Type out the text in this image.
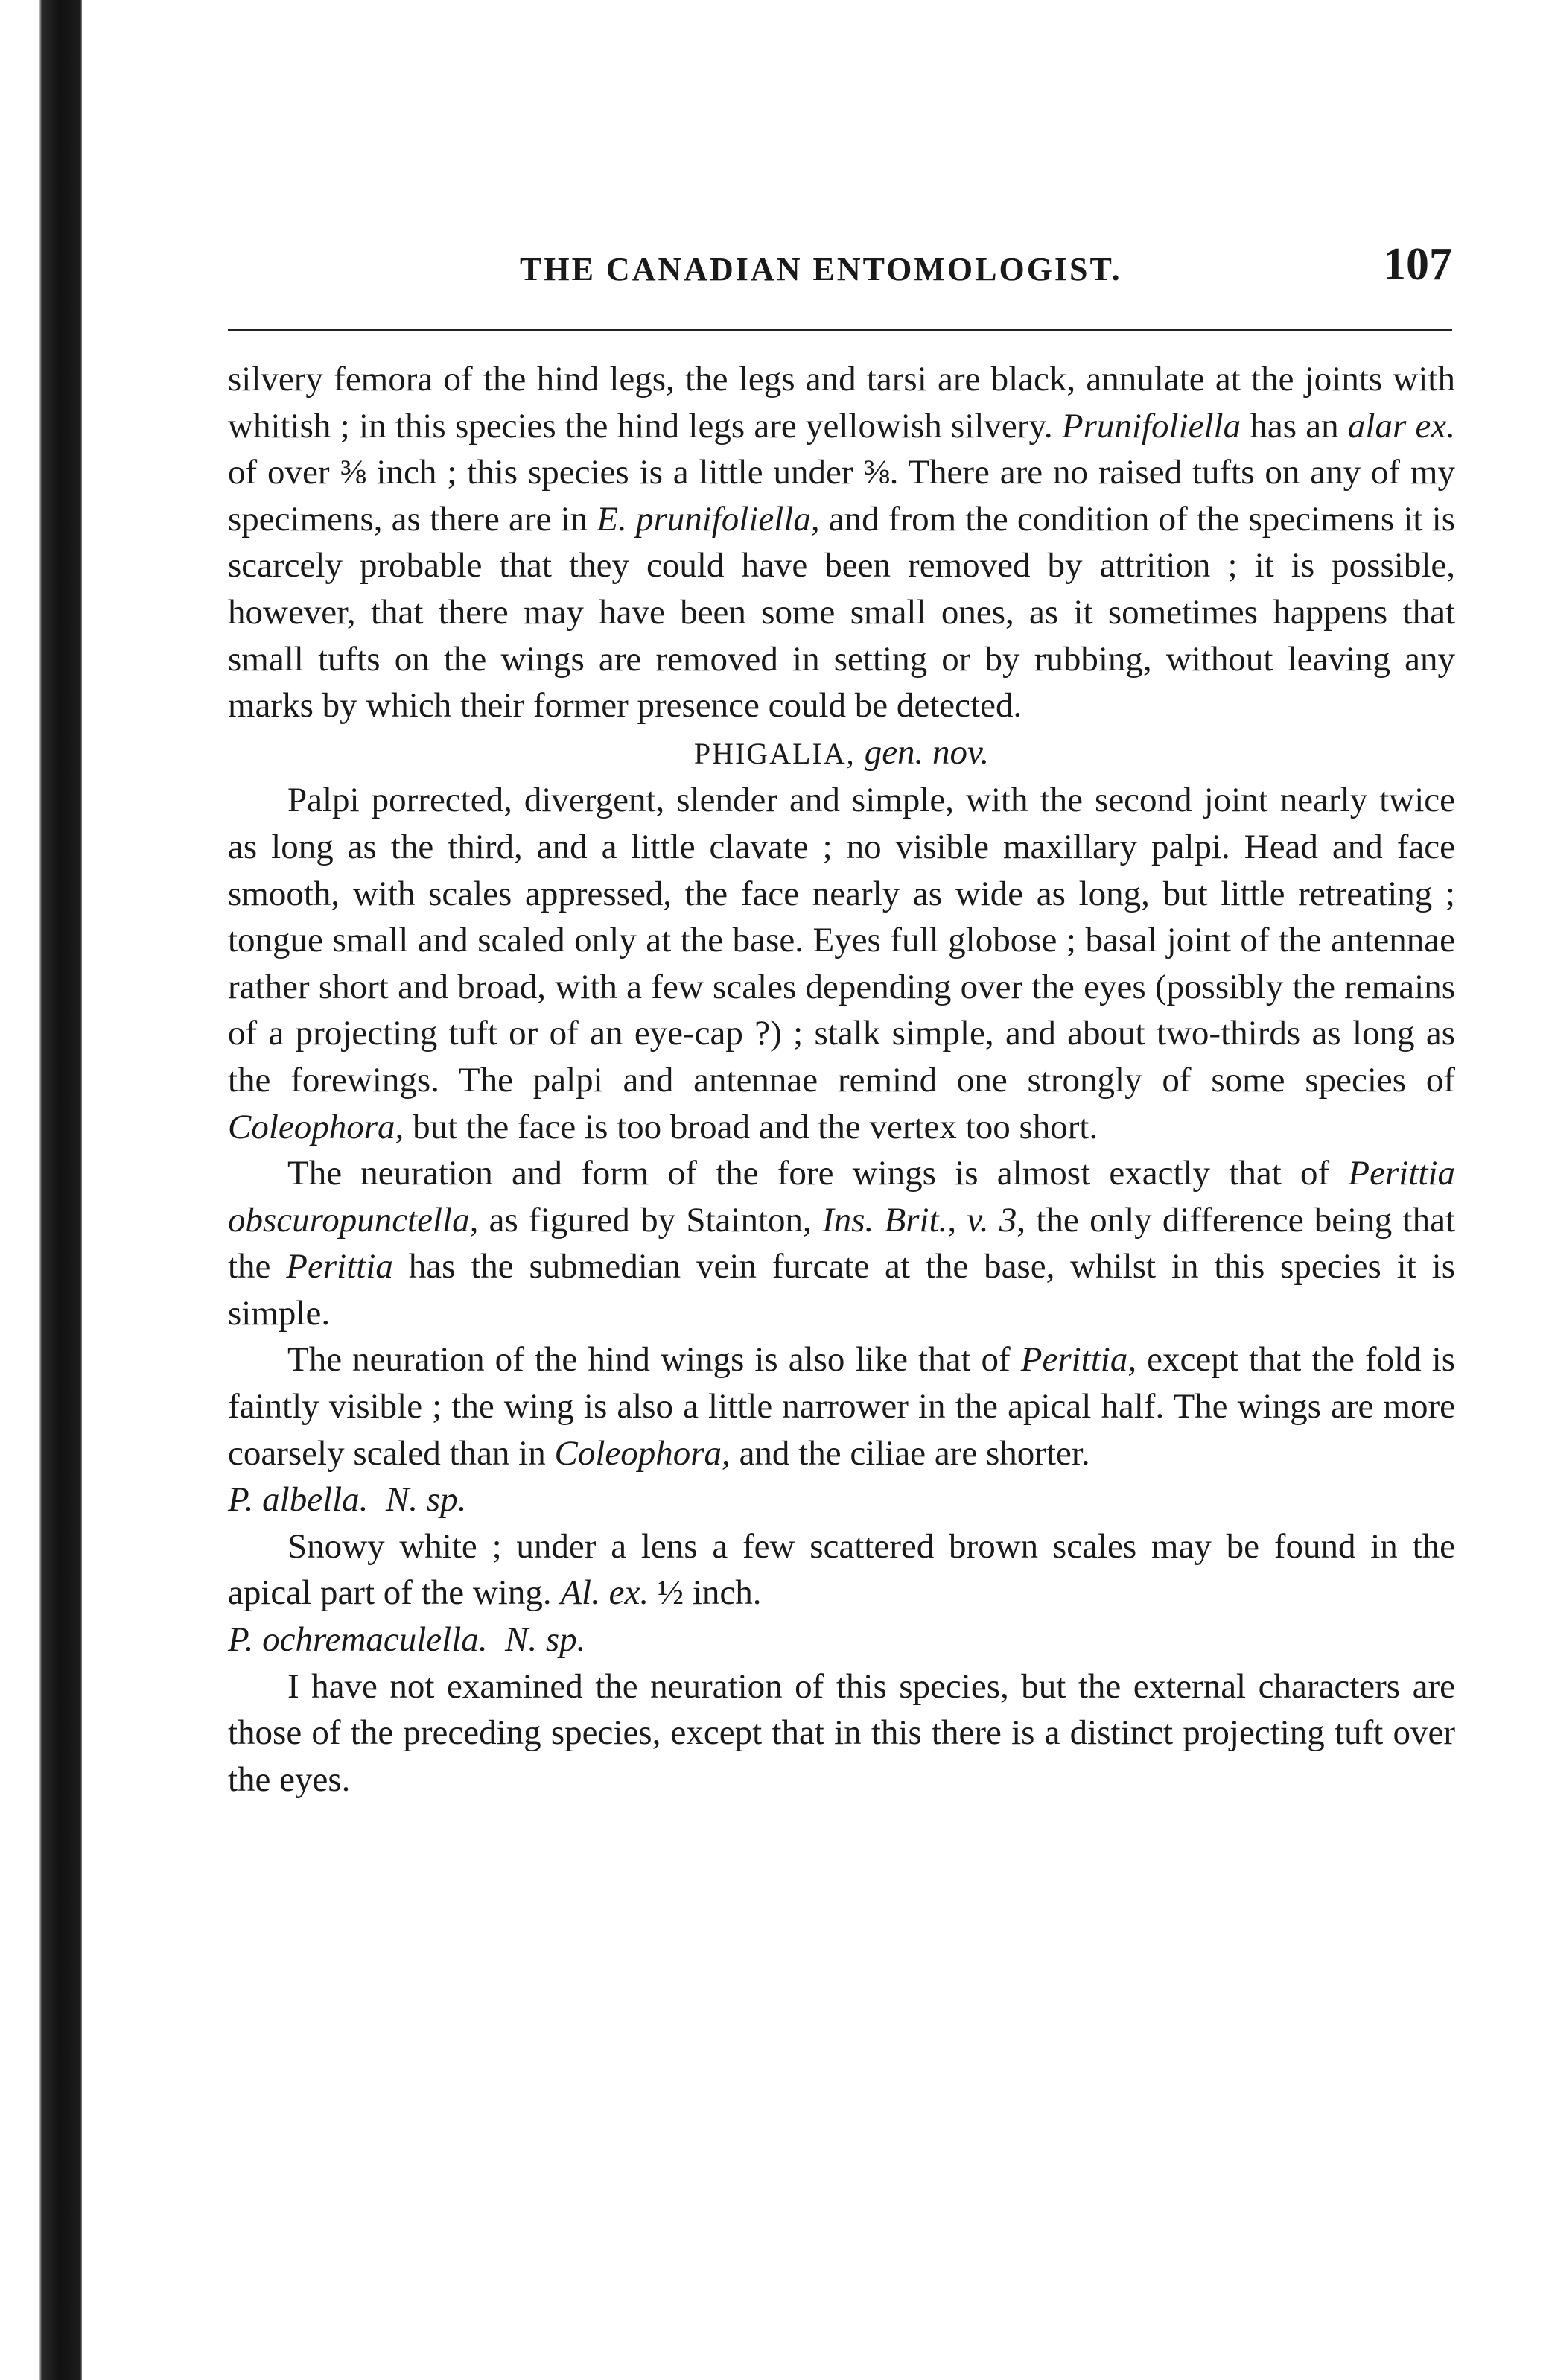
THE CANADIAN ENTOMOLOGIST.	107

silvery femora of the hind legs, the legs and tarsi are black, annulate at the joints with whitish ; in this species the hind legs are yellowish silvery. Prunifoliella has an alar ex. of over ⅜ inch ; this species is a little under ⅜. There are no raised tufts on any of my specimens, as there are in E. prunifoliella, and from the condition of the specimens it is scarcely probable that they could have been removed by attrition ; it is possible, however, that there may have been some small ones, as it sometimes happens that small tufts on the wings are removed in setting or by rubbing, without leaving any marks by which their former presence could be detected.

PHIGALIA, gen. nov.

Palpi porrected, divergent, slender and simple, with the second joint nearly twice as long as the third, and a little clavate ; no visible maxillary palpi. Head and face smooth, with scales appressed, the face nearly as wide as long, but little retreating ; tongue small and scaled only at the base. Eyes full globose ; basal joint of the antennae rather short and broad, with a few scales depending over the eyes (possibly the remains of a projecting tuft or of an eye-cap ?) ; stalk simple, and about two-thirds as long as the forewings. The palpi and antennae remind one strongly of some species of Coleophora, but the face is too broad and the vertex too short.

The neuration and form of the fore wings is almost exactly that of Perittia obscuropunctella, as figured by Stainton, Ins. Brit., v. 3, the only difference being that the Perittia has the submedian vein furcate at the base, whilst in this species it is simple.

The neuration of the hind wings is also like that of Perittia, except that the fold is faintly visible ; the wing is also a little narrower in the apical half. The wings are more coarsely scaled than in Coleophora, and the ciliae are shorter.

P. albella. N. sp.

Snowy white ; under a lens a few scattered brown scales may be found in the apical part of the wing. Al. ex. ½ inch.

P. ochremaculella. N. sp.

I have not examined the neuration of this species, but the external characters are those of the preceding species, except that in this there is a distinct projecting tuft over the eyes.
